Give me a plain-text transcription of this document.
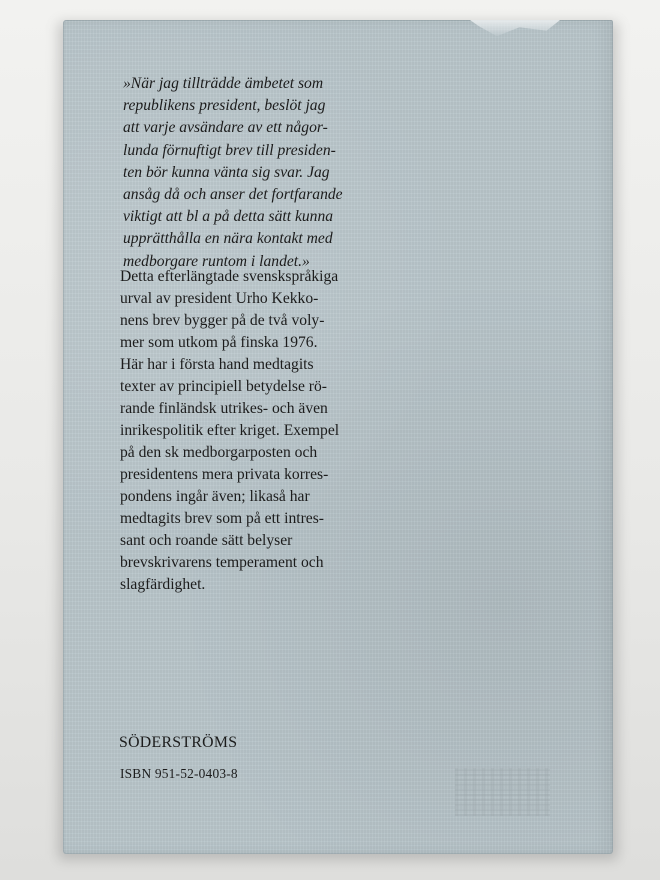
»När jag tillträdde ämbetet som
republikens president, beslöt jag
att varje avsändare av ett någor-
lunda förnuftigt brev till presiden-
ten bör kunna vänta sig svar. Jag
ansåg då och anser det fortfarande
viktigt att bl a på detta sätt kunna
upprätthålla en nära kontakt med
medborgare runtom i landet.»
Detta efterlängtade svenskspråkiga
urval av president Urho Kekko-
nens brev bygger på de två voly-
mer som utkom på finska 1976.
Här har i första hand medtagits
texter av principiell betydelse rö-
rande finländsk utrikes- och även
inrikespolitik efter kriget. Exempel
på den sk medborgarposten och
presidentens mera privata korres-
pondens ingår även; likaså har
medtagits brev som på ett intres-
sant och roande sätt belyser
brevskrivarens temperament och
slagfärdighet.
SÖDERSTRÖMS
ISBN 951-52-0403-8
